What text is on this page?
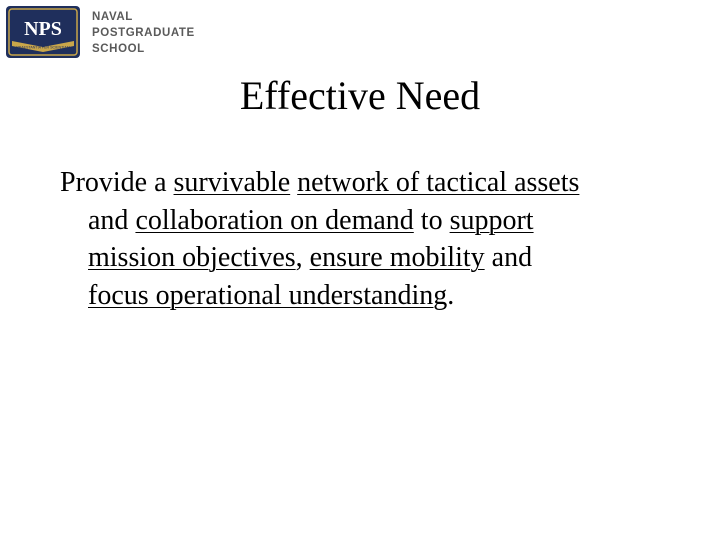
NPS
PRAESTANTIA PER SCIENTIAM
NAVAL
POSTGRADUATE
SCHOOL
Effective Need
Provide a survivable network of tactical assets
and collaboration on demand to support
mission objectives, ensure mobility and
focus operational understanding.
